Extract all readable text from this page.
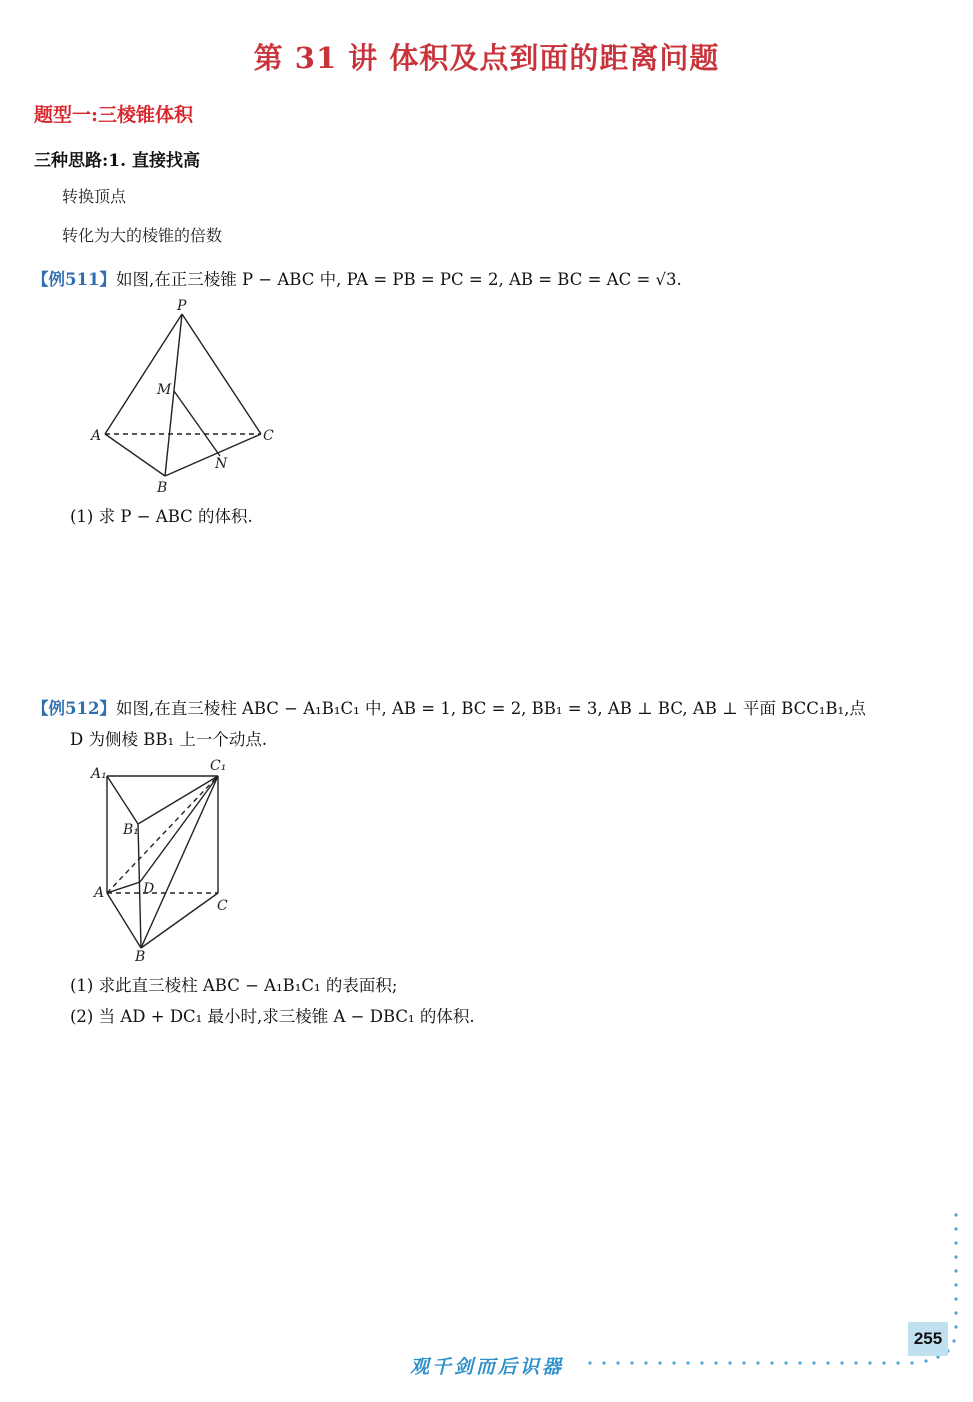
第 31 讲 体积及点到面的距离问题
题型一:三棱锥体积
三种思路:1. 直接找高
转换顶点
转化为大的棱锥的倍数
【例511】如图,在正三棱锥 P − ABC 中, PA = PB = PC = 2, AB = BC = AC = √3.
P
M
A	C
N
B
(1) 求 P − ABC 的体积.
【例512】如图,在直三棱柱 ABC − A₁B₁C₁ 中, AB = 1, BC = 2, BB₁ = 3, AB ⊥ BC, AB ⊥ 平面 BCC₁B₁,点
D 为侧棱 BB₁ 上一个动点.
A₁	C₁
B₁
A	D
C
B
(1) 求此直三棱柱 ABC − A₁B₁C₁ 的表面积;
(2) 当 AD + DC₁ 最小时,求三棱锥 A − DBC₁ 的体积.
255
观千剑而后识器
